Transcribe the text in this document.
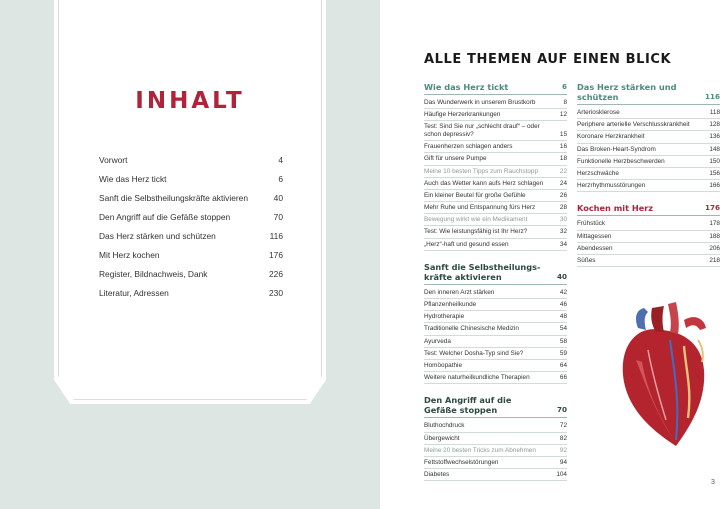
INHALT
Vorwort	4
Wie das Herz tickt	6
Sanft die Selbstheilungskräfte aktivieren	40
Den Angriff auf die Gefäße stoppen	70
Das Herz stärken und schützen	116
Mit Herz kochen	176
Register, Bildnachweis, Dank	226
Literatur, Adressen	230
ALLE THEMEN AUF EINEN BLICK
Wie das Herz tickt	6
Das Wunderwerk in unserem Brustkorb	8
Häufige Herzerkrankungen	12
Test: Sind Sie nur „schlecht drauf“ – oder schon depressiv?	15
Frauenherzen schlagen anders	16
Gift für unsere Pumpe	18
Meine 10 besten Tipps zum Rauchstopp	22
Auch das Wetter kann aufs Herz schlagen	24
Ein kleiner Beutel für große Gefühle	26
Mehr Ruhe und Entspannung fürs Herz	28
Bewegung wirkt wie ein Medikament	30
Test: Wie leistungsfähig ist Ihr Herz?	32
„Herz“-haft und gesund essen	34
Sanft die Selbstheilungs-kräfte aktivieren	40
Den inneren Arzt stärken	42
Pflanzenheilkunde	46
Hydrotherapie	48
Traditionelle Chinesische Medizin	54
Ayurveda	58
Test: Welcher Dosha-Typ sind Sie?	59
Homöopathie	64
Weitere naturheilkundliche Therapien	66
Den Angriff auf die Gefäße stoppen	70
Bluthochdruck	72
Übergewicht	82
Meine 20 besten Tricks zum Abnehmen	92
Fettstoffwechselstörungen	94
Diabetes	104
Das Herz stärken und schützen	116
Arteriosklerose	118
Periphere arterielle Verschlusskrankheit	128
Koronare Herzkrankheit	136
Das Broken-Heart-Syndrom	148
Funktionelle Herzbeschwerden	150
Herzschwäche	156
Herzrhythmusstörungen	166
Kochen mit Herz	176
Frühstück	178
Mittagessen	188
Abendessen	206
Süßes	218
3
